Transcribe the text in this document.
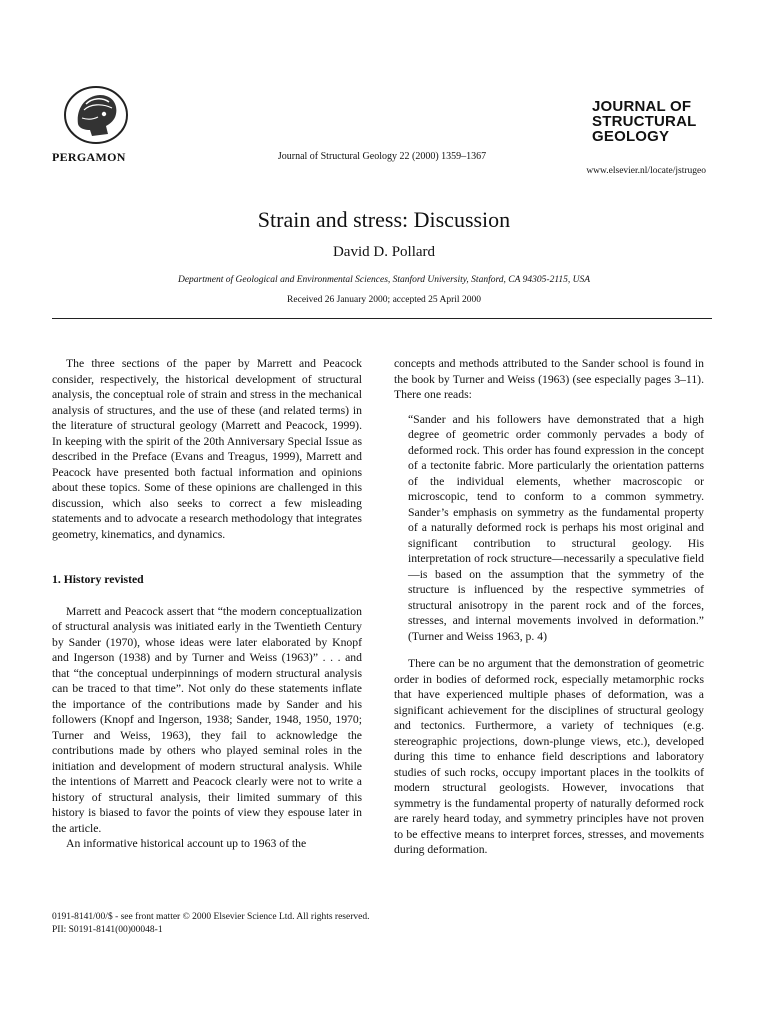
PERGAMON	Journal of Structural Geology 22 (2000) 1359–1367
JOURNAL OF
STRUCTURAL
GEOLOGY
www.elsevier.nl/locate/jstrugeo
Strain and stress: Discussion
David D. Pollard
Department of Geological and Environmental Sciences, Stanford University, Stanford, CA 94305-2115, USA
Received 26 January 2000; accepted 25 April 2000

The three sections of the paper by Marrett and Peacock consider, respectively, the historical development of structural analysis, the conceptual role of strain and stress in the mechanical analysis of structures, and the use of these (and related terms) in the literature of structural geology (Marrett and Peacock, 1999). In keeping with the spirit of the 20th Anniversary Special Issue as described in the Preface (Evans and Treagus, 1999), Marrett and Peacock have presented both factual information and opinions about these topics. Some of these opinions are challenged in this discussion, which also seeks to correct a few misleading statements and to advocate a research methodology that integrates geometry, kinematics, and dynamics.

1. History revisted

Marrett and Peacock assert that “the modern conceptualization of structural analysis was initiated early in the Twentieth Century by Sander (1970), whose ideas were later elaborated by Knopf and Ingerson (1938) and by Turner and Weiss (1963)” . . . and that “the conceptual underpinnings of modern structural analysis can be traced to that time”. Not only do these statements inflate the importance of the contributions made by Sander and his followers (Knopf and Ingerson, 1938; Sander, 1948, 1950, 1970; Turner and Weiss, 1963), they fail to acknowledge the contributions made by others who played seminal roles in the initiation and development of modern structural analysis. While the intentions of Marrett and Peacock clearly were not to write a history of structural analysis, their limited summary of this history is biased to favor the points of view they espouse later in the article.

An informative historical account up to 1963 of the

concepts and methods attributed to the Sander school is found in the book by Turner and Weiss (1963) (see especially pages 3–11). There one reads:

“Sander and his followers have demonstrated that a high degree of geometric order commonly pervades a body of deformed rock. This order has found expression in the concept of a tectonite fabric. More particularly the orientation patterns of the individual elements, whether macroscopic or microscopic, tend to conform to a common symmetry. Sander’s emphasis on symmetry as the fundamental property of a naturally deformed rock is perhaps his most original and significant contribution to structural geology. His interpretation of rock structure—necessarily a speculative field—is based on the assumption that the symmetry of the structure is influenced by the respective symmetries of structural anisotropy in the parent rock and of the forces, stresses, and internal movements involved in deformation.” (Turner and Weiss 1963, p. 4)

There can be no argument that the demonstration of geometric order in bodies of deformed rock, especially metamorphic rocks that have experienced multiple phases of deformation, was a significant achievement for the disciplines of structural geology and tectonics. Furthermore, a variety of techniques (e.g. stereographic projections, down-plunge views, etc.), developed during this time to enhance field descriptions and laboratory studies of such rocks, occupy important places in the toolkits of modern structural geologists. However, invocations that symmetry is the fundamental property of naturally deformed rock are rarely heard today, and symmetry principles have not proven to be effective means to interpret forces, stresses, and movements during deformation.

0191-8141/00/$ - see front matter © 2000 Elsevier Science Ltd. All rights reserved.
PII: S0191-8141(00)00048-1
